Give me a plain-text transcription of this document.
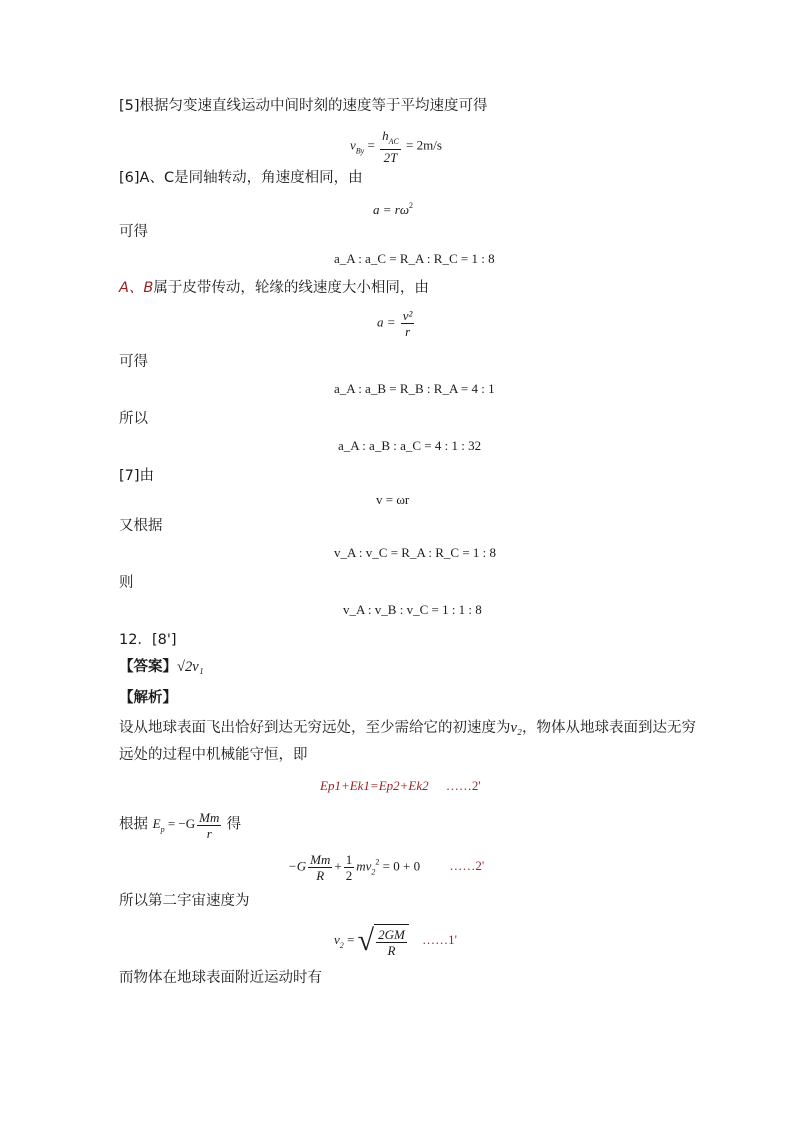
[5]根据匀变速直线运动中间时刻的速度等于平均速度可得
$v_{By} = \frac{h_{AC}}{2T} = 2m/s$
[6]A、C是同轴转动，角速度相同，由
$a = r\omega^2$
可得
a_A : a_C = R_A : R_C = 1 : 8
A、B属于皮带传动，轮缘的线速度大小相同，由
$a = \frac{\text{v²}}{r}$
可得
a_A : a_B = R_B : R_A = 4 : 1
所以
a_A : a_B : a_C = 4 : 1 : 32
[7]由
v = ωr
又根据
v_A : v_C = R_A : R_C = 1 : 8
则
v_A : v_B : v_C = 1 : 1 : 8
12．[8']
【答案】√2v₁
【解析】
设从地球表面飞出恰好到达无穷远处，至少需给它的初速度为v₂，物体从地球表面到达无穷
远处的过程中机械能守恒，即
Ep1+Ek1=Ep2+Ek2 ……2'
根据 $E_p = -G \frac{Mm}{r}$ 得
$-G \frac{Mm}{R} + \frac{1}{2} mv_2^2 = 0 + 0$ ……2'
所以第二宇宙速度为
$v_2$ = √ $\frac{2GM}{R}$ ……1'
而物体在地球表面附近运动时有
